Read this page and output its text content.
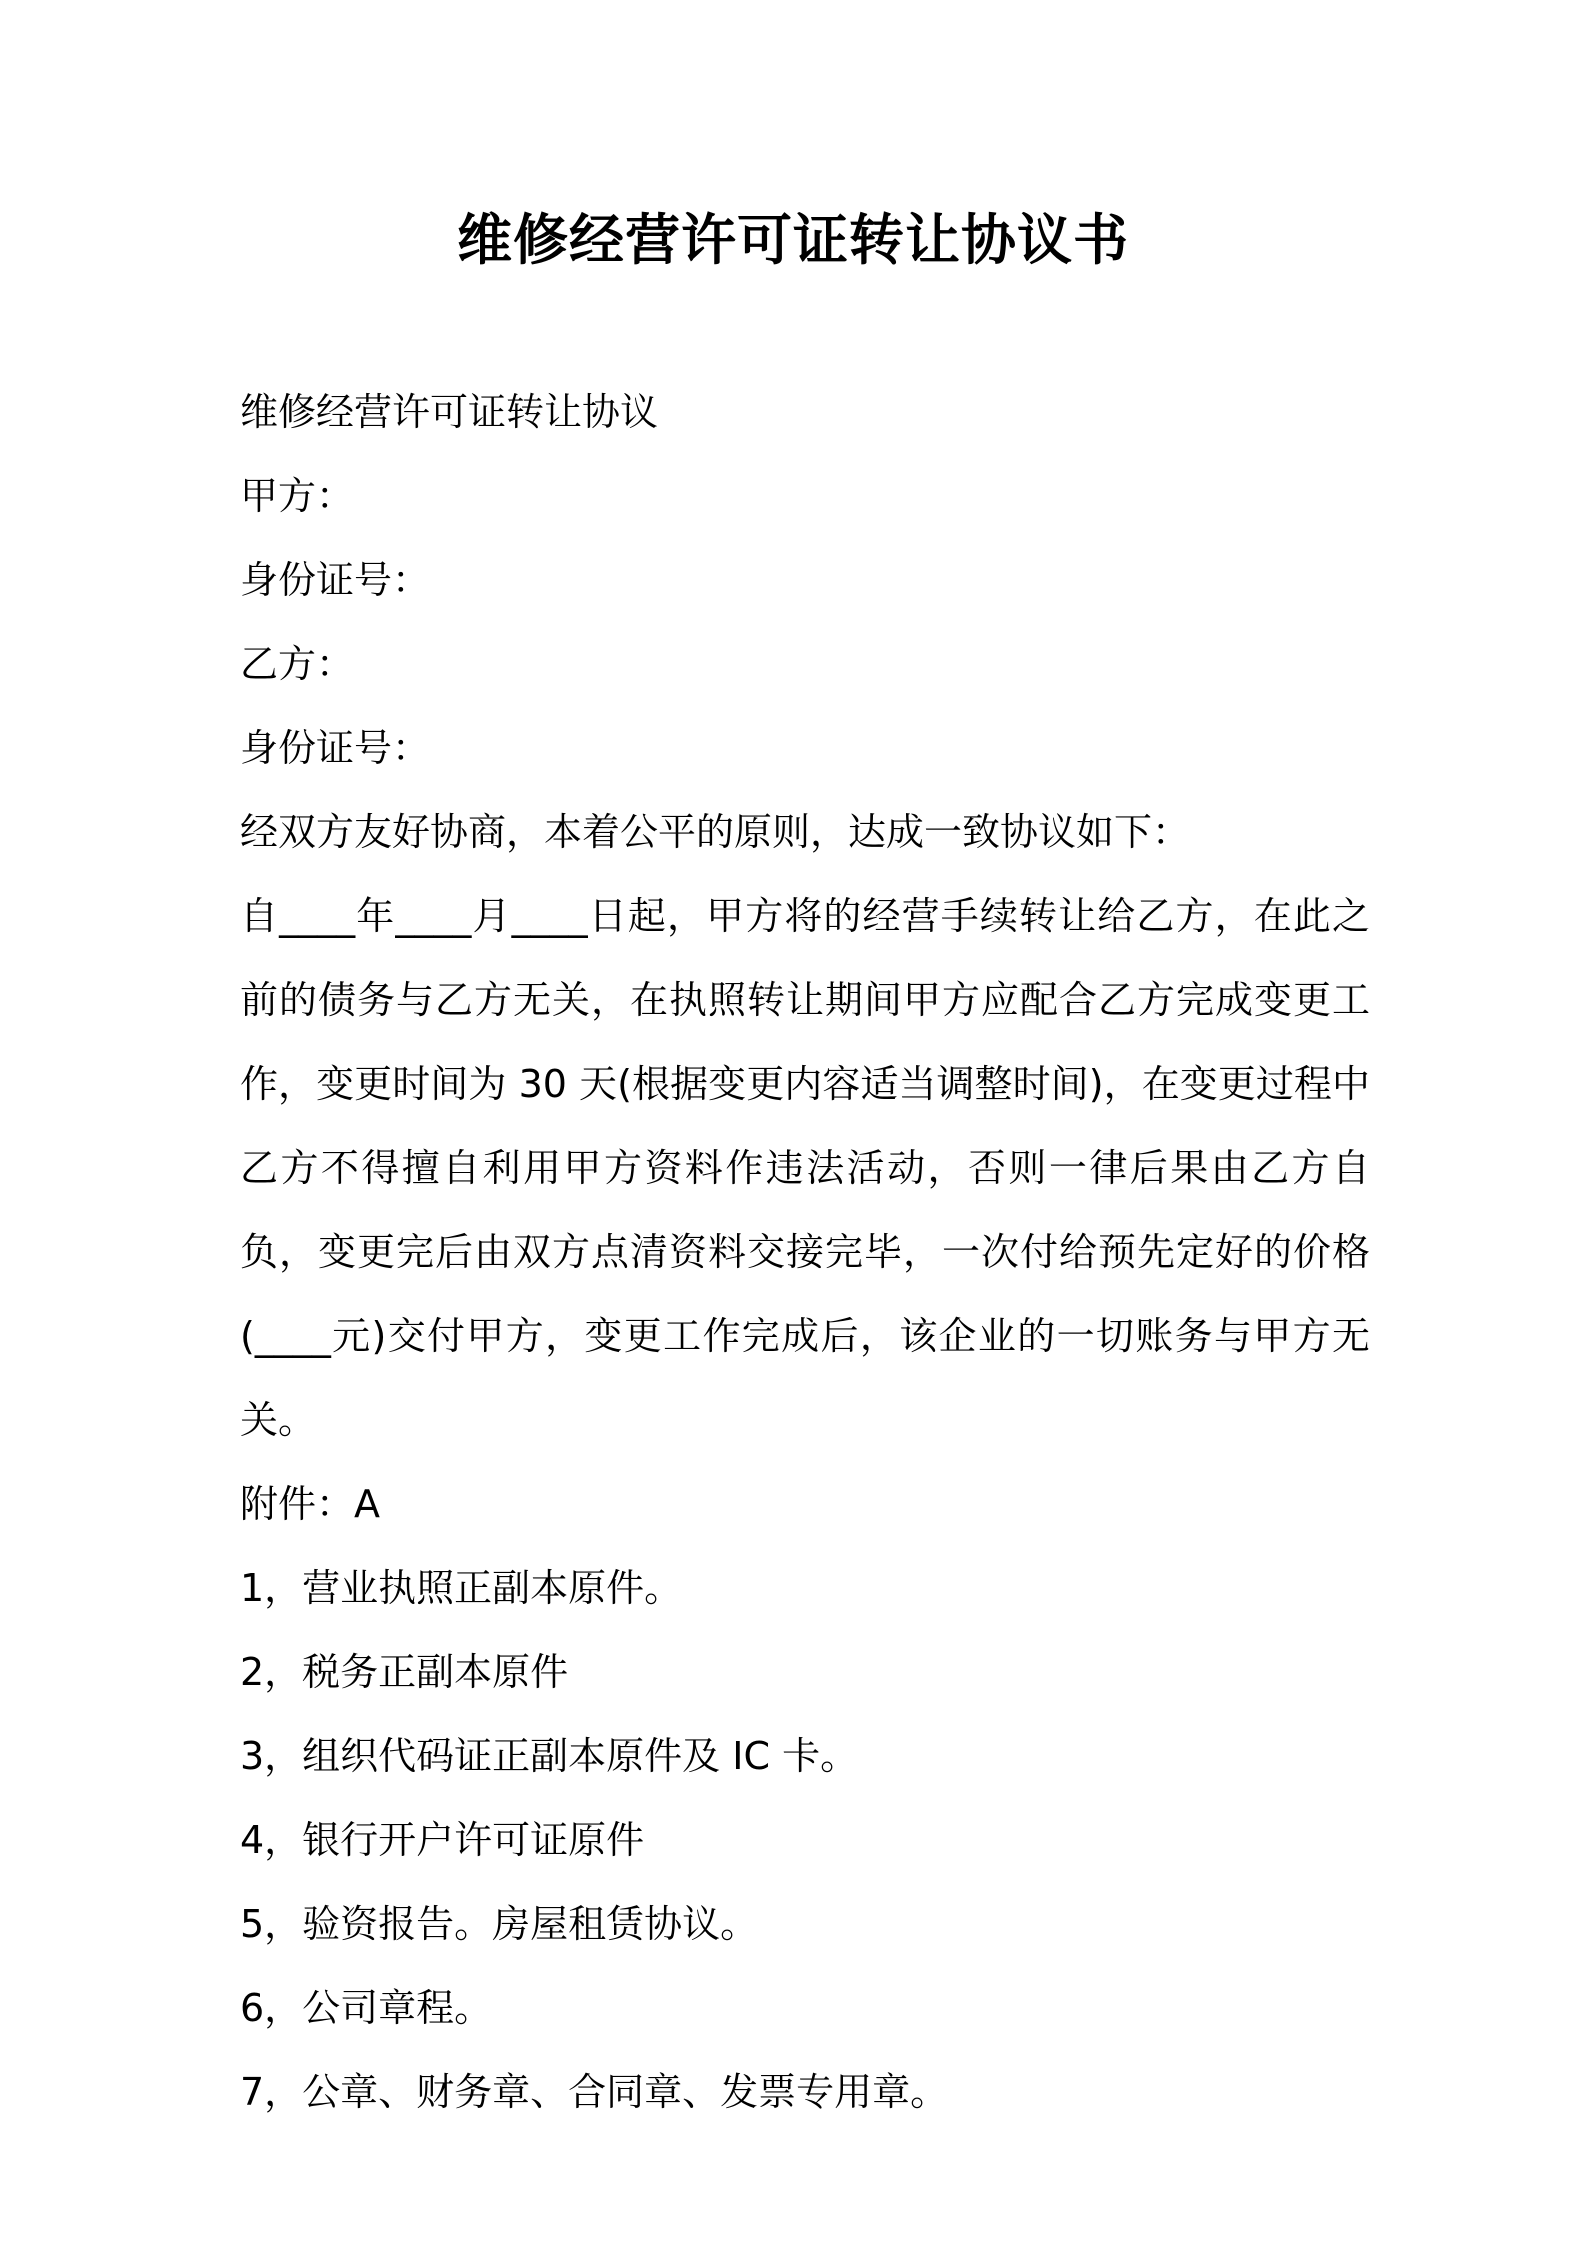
维修经营许可证转让协议书
维修经营许可证转让协议
甲方：
身份证号：
乙方：
身份证号：
经双方友好协商，本着公平的原则，达成一致协议如下：
自____年____月____日起，甲方将的经营手续转让给乙方，在此之前的债务与乙方无关，在执照转让期间甲方应配合乙方完成变更工作，变更时间为 30 天(根据变更内容适当调整时间)，在变更过程中乙方不得擅自利用甲方资料作违法活动，否则一律后果由乙方自负，变更完后由双方点清资料交接完毕，一次付给预先定好的价格(____元)交付甲方，变更工作完成后，该企业的一切账务与甲方无关。
附件：A
1，营业执照正副本原件。
2，税务正副本原件
3，组织代码证正副本原件及 IC 卡。
4，银行开户许可证原件
5，验资报告。房屋租赁协议。
6，公司章程。
7，公章、财务章、合同章、发票专用章。
